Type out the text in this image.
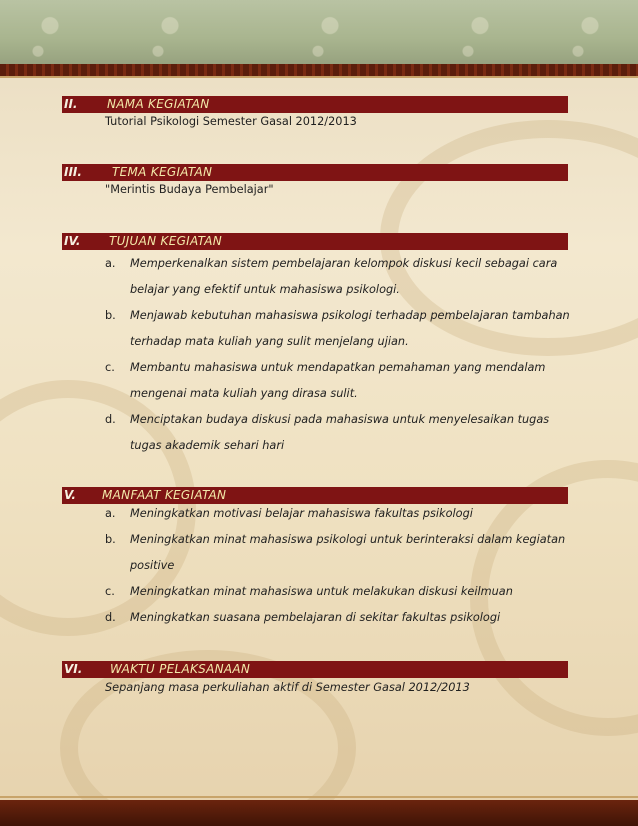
II. NAMA KEGIATAN
Tutorial Psikologi Semester Gasal 2012/2013
III.	TEMA KEGIATAN
"Merintis Budaya Pembelajar"
IV. TUJUAN KEGIATAN
a. Memperkenalkan sistem pembelajaran kelompok diskusi kecil sebagai cara
belajar yang efektif untuk mahasiswa psikologi.
b. Menjawab kebutuhan mahasiswa psikologi terhadap pembelajaran tambahan
terhadap mata kuliah yang sulit menjelang ujian.
c. Membantu mahasiswa untuk mendapatkan pemahaman yang mendalam
mengenai mata kuliah yang dirasa sulit.
d. Menciptakan budaya diskusi pada mahasiswa untuk menyelesaikan tugas
tugas akademik sehari hari
V. MANFAAT KEGIATAN
a. Meningkatkan motivasi belajar mahasiswa fakultas psikologi
b. Meningkatkan minat mahasiswa psikologi untuk berinteraksi dalam kegiatan
positive
c. Meningkatkan minat mahasiswa untuk melakukan diskusi keilmuan
d. Meningkatkan suasana pembelajaran di sekitar fakultas psikologi
VI. WAKTU PELAKSANAAN
Sepanjang masa perkuliahan aktif di Semester Gasal 2012/2013
